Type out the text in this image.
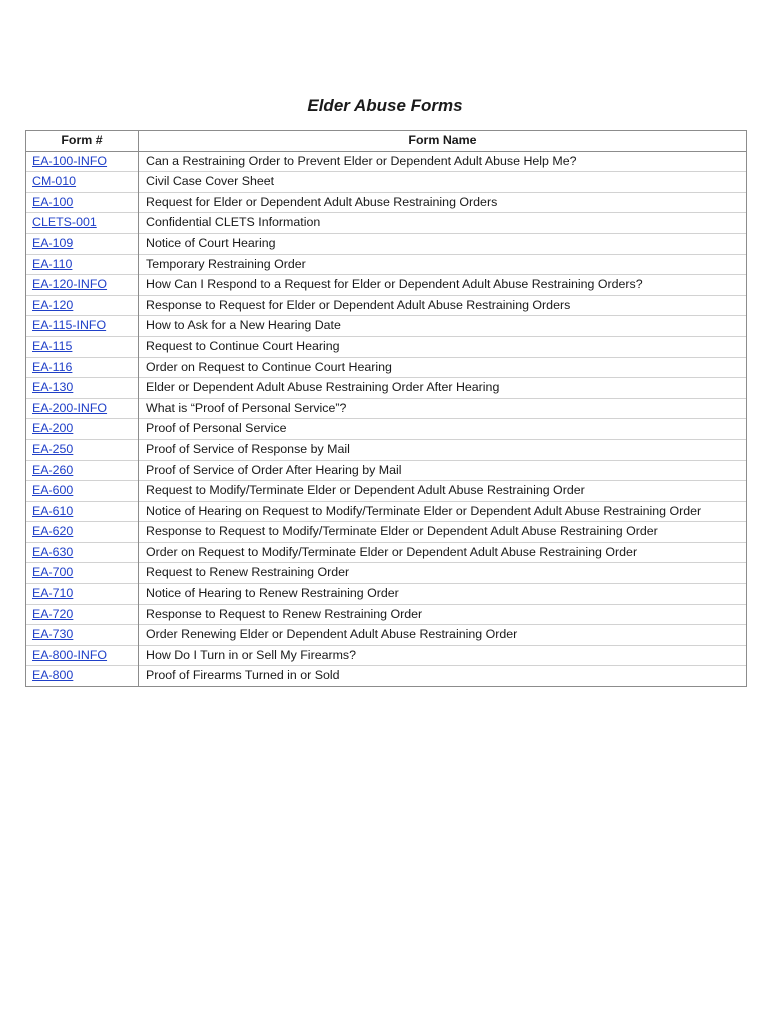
Elder Abuse Forms
Form #	Form Name
EA-100-INFO	Can a Restraining Order to Prevent Elder or Dependent Adult Abuse Help Me?
CM-010	Civil Case Cover Sheet
EA-100	Request for Elder or Dependent Adult Abuse Restraining Orders
CLETS-001	Confidential CLETS Information
EA-109	Notice of Court Hearing
EA-110	Temporary Restraining Order
EA-120-INFO	How Can I Respond to a Request for Elder or Dependent Adult Abuse Restraining Orders?
EA-120	Response to Request for Elder or Dependent Adult Abuse Restraining Orders
EA-115-INFO	How to Ask for a New Hearing Date
EA-115	Request to Continue Court Hearing
EA-116	Order on Request to Continue Court Hearing
EA-130	Elder or Dependent Adult Abuse Restraining Order After Hearing
EA-200-INFO	What is “Proof of Personal Service”?
EA-200	Proof of Personal Service
EA-250	Proof of Service of Response by Mail
EA-260	Proof of Service of Order After Hearing by Mail
EA-600	Request to Modify/Terminate Elder or Dependent Adult Abuse Restraining Order
EA-610	Notice of Hearing on Request to Modify/Terminate Elder or Dependent Adult Abuse Restraining Order
EA-620	Response to Request to Modify/Terminate Elder or Dependent Adult Abuse Restraining Order
EA-630	Order on Request to Modify/Terminate Elder or Dependent Adult Abuse Restraining Order
EA-700	Request to Renew Restraining Order
EA-710	Notice of Hearing to Renew Restraining Order
EA-720	Response to Request to Renew Restraining Order
EA-730	Order Renewing Elder or Dependent Adult Abuse Restraining Order
EA-800-INFO	How Do I Turn in or Sell My Firearms?
EA-800	Proof of Firearms Turned in or Sold
